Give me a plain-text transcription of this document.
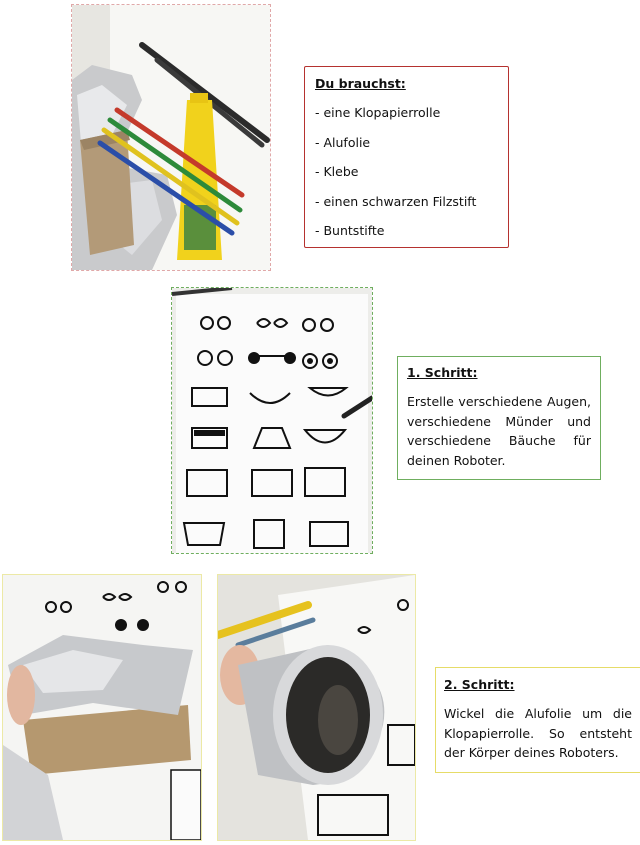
Du brauchst:
- eine Klopapierrolle
- Alufolie
- Klebe
- einen schwarzen Filzstift
- Buntstifte
1. Schritt:

Erstelle verschiedene Augen, verschiedene Münder und verschiedene Bäuche für deinen Roboter.

2. Schritt:

Wickel die Alufolie um die Klopapierrolle. So entsteht der Körper deines Roboters.
